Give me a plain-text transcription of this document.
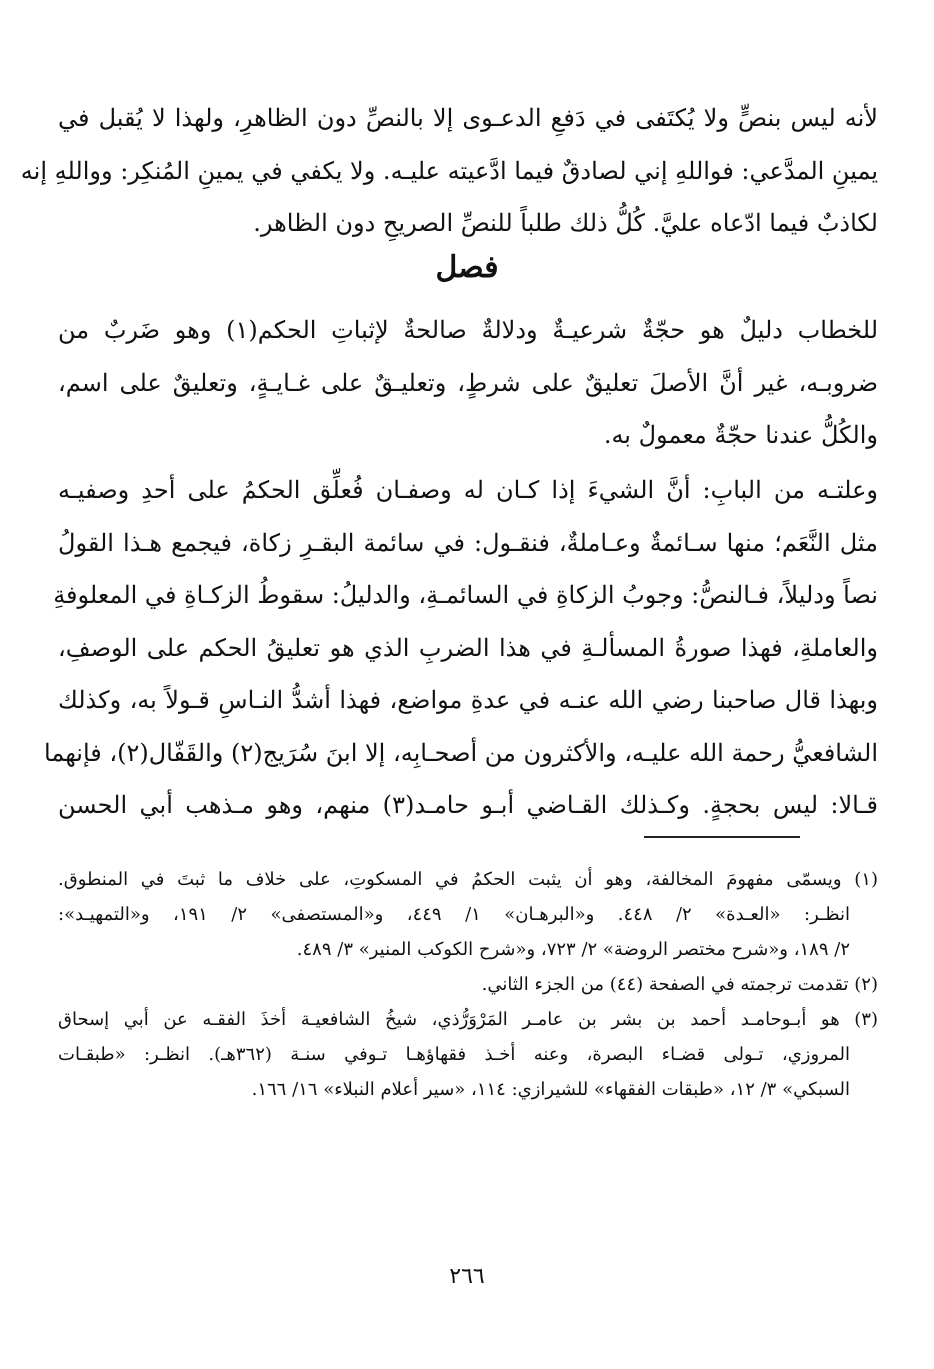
لأنه ليس بنصٍّ ولا يُكتَفى في دَفعِ الدعـوى إلا بالنصِّ دون الظاهرِ، ولهذا لا يُقبل في
يمينِ المدَّعي: فواللهِ إني لصادقٌ فيما ادَّعيته عليـه. ولا يكفي في يمينِ المُنكِر: وواللهِ إنه
لكاذبٌ فيما ادّعاه عليَّ. كُلُّ ذلك طلباً للنصِّ الصريحِ دون الظاهر.
فصل
للخطاب دليلٌ هو حجّةٌ شرعيـةٌ ودلالةٌ صالحةٌ لإثباتِ الحكم(١) وهو ضَربٌ من
ضروبـه، غير أنَّ الأصلَ تعليقٌ على شرطٍ، وتعليـقٌ على غـايـةٍ، وتعليقٌ على اسم،
والكُلُّ عندنا حجّةٌ معمولٌ به.
وعلتـه من البابِ: أنَّ الشيءَ إذا كـان له وصفـان فُعلِّق الحكمُ على أحدِ وصفيـه
مثل النَّعَم؛ منها سـائمةٌ وعـاملةٌ، فنقـول: في سائمة البقـرِ زكاة، فيجمع هـذا القولُ
نصاً ودليلاً، فـالنصُّ: وجوبُ الزكاةِ في السائمـةِ، والدليلُ: سقوطُ الزكـاةِ في المعلوفةِ
والعاملةِ، فهذا صورةُ المسألـةِ في هذا الضربِ الذي هو تعليقُ الحكم على الوصفِ،
وبهذا قال صاحبنا رضي الله عنـه في عدةِ مواضع، فهذا أشدُّ النـاسِ قـولاً به، وكذلك
الشافعيُّ رحمة الله عليـه، والأكثرون من أصحـابِه، إلا ابنَ سُرَيج(٢) والقَفّال(٢)، فإنهما
قـالا: ليس بحجةٍ. وكـذلك القـاضي أبـو حامـد(٣) منهم، وهو مـذهب أبي الحسن
(١) ويسمّى مفهومَ المخالفة، وهو أن يثبت الحكمُ في المسكوتِ، على خلاف ما ثبتَ في المنطوق.
انظـر: «العـدة» ٢/ ٤٤٨. و«البرهـان» ١/ ٤٤٩، و«المستصفى» ٢/ ١٩١، و«التمهيـد»:
٢/ ١٨٩، و«شرح مختصر الروضة» ٢/ ٧٢٣، و«شرح الكوكب المنير» ٣/ ٤٨٩.
(٢) تقدمت ترجمته في الصفحة (٤٤) من الجزء الثاني.
(٣) هو أبـوحامـد أحمد بن بشر بن عامـر المَرْوَرُّذي، شيخُ الشافعيـة أخذَ الفقـه عن أبي إسحاق
المروزي، تـولى قضـاء البصرة، وعنه أخـذ فقهاؤهـا تـوفي سنـة (٣٦٢هـ). انظـر: «طبقـات
السبكي» ٣/ ١٢، «طبقات الفقهاء» للشيرازي: ١١٤، «سير أعلام النبلاء» ١٦/ ١٦٦.
٢٦٦
